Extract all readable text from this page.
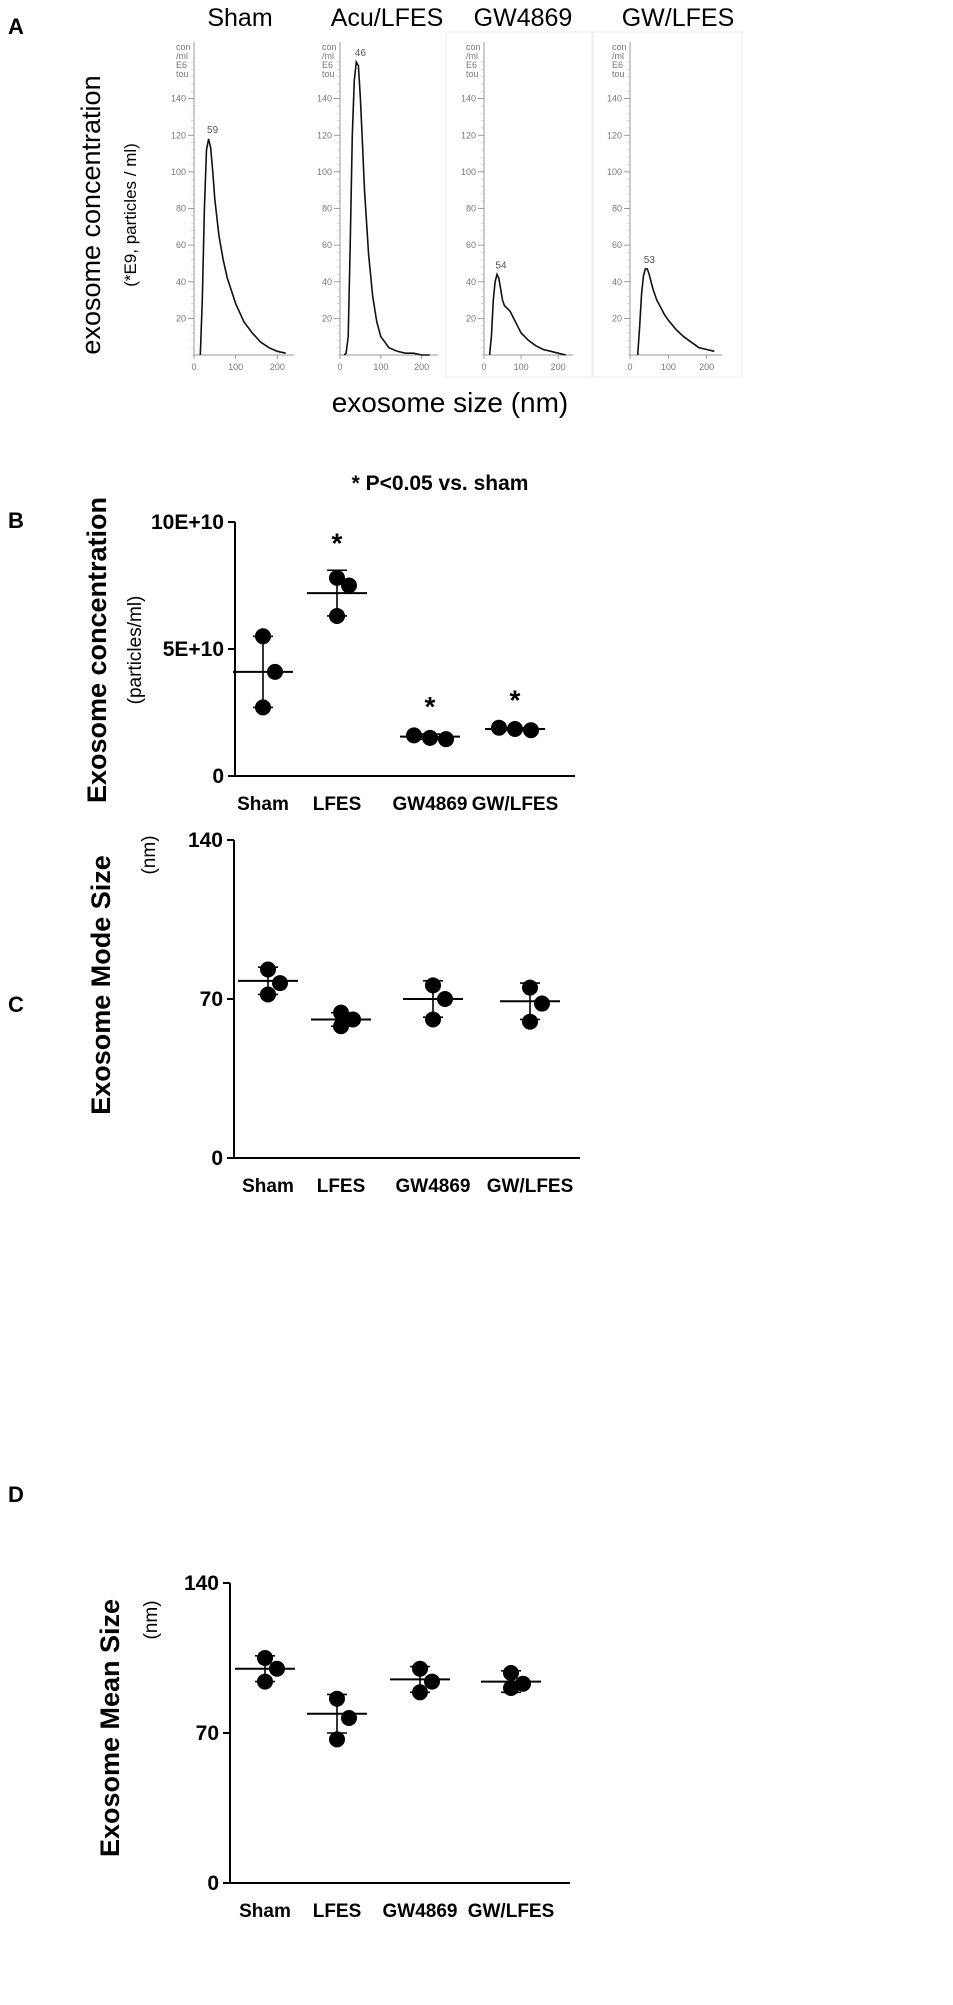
A
B
C
D
exosome concentration (*E9, particles / ml)
exosome size (nm)
Sham
con
/ml
E6
tou
20
40
60
80
100
120
140
0	100	200
59
Acu/LFES
con
/ml
E6
tou
20
40
60
80
100
120
140
0	100	200
46
GW4869
con
/ml
E6
tou
20
40
60
80
100
120
140
0	100 200
54
GW/LFES
con
/ml
E6
tou
20
40
60
80
100
120
140
0	100	200
53
* P<0.05 vs. sham
Exosome concentration (particles/ml)
0
5E+10
10E+10
Sham
*
LFES
*
GW4869
*
GW/LFES
Exosome Mode Size
(nm)
0
70
140
Sham LFES GW4869 GW/LFES
Exosome Mean Size (nm)
0
70
140
Sham LFES GW4869 GW/LFES
